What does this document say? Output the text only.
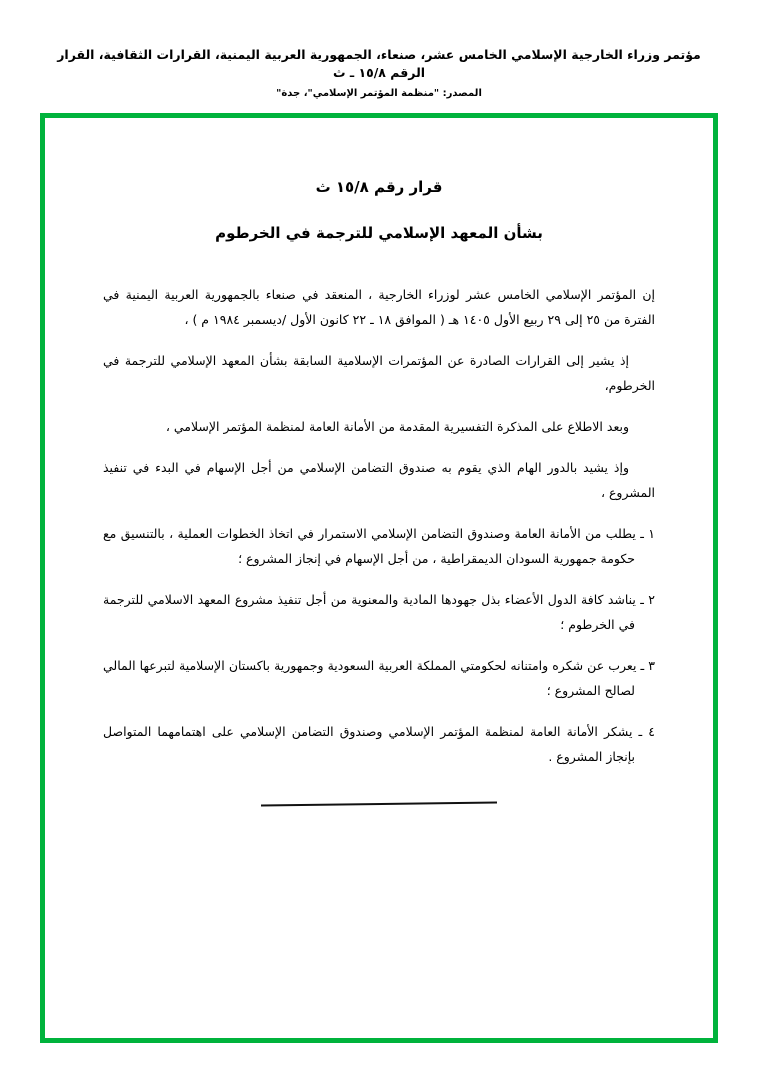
مؤتمر وزراء الخارجية الإسلامي الخامس عشر، صنعاء، الجمهورية العربية اليمنية، القرارات الثقافية، القرار الرقم ١٥/٨ ـ ث
المصدر: "منظمة المؤتمر الإسلامي"، جدة"
قرار رقم ١٥/٨ ث
بشأن المعهد الإسلامي للترجمة في الخرطوم

إن المؤتمر الإسلامي الخامس عشر لوزراء الخارجية ، المنعقد في صنعاء بالجمهورية العربية اليمنية في الفترة من ٢٥ إلى ٢٩ ربيع الأول ١٤٠٥ هـ ( الموافق ١٨ ـ ٢٢ كانون الأول /ديسمبر ١٩٨٤ م ) ،

إذ يشير إلى القرارات الصادرة عن المؤتمرات الإسلامية السابقة بشأن المعهد الإسلامي للترجمة في الخرطوم،

وبعد الاطلاع على المذكرة التفسيرية المقدمة من الأمانة العامة لمنظمة المؤتمر الإسلامي ،

وإذ يشيد بالدور الهام الذي يقوم به صندوق التضامن الإسلامي من أجل الإسهام في البدء في تنفيذ المشروع ،

١ ـ يطلب من الأمانة العامة وصندوق التضامن الإسلامي الاستمرار في اتخاذ الخطوات العملية ، بالتنسيق مع حكومة جمهورية السودان الديمقراطية ، من أجل الإسهام في إنجاز المشروع ؛

٢ ـ يناشد كافة الدول الأعضاء بذل جهودها المادية والمعنوية من أجل تنفيذ مشروع المعهد الاسلامي للترجمة في الخرطوم ؛

٣ ـ يعرب عن شكره وامتنانه لحكومتي المملكة العربية السعودية وجمهورية باكستان الإسلامية لتبرعها المالي لصالح المشروع ؛

٤ ـ يشكر الأمانة العامة لمنظمة المؤتمر الإسلامي وصندوق التضامن الإسلامي على اهتمامهما المتواصل بإنجاز المشروع .
